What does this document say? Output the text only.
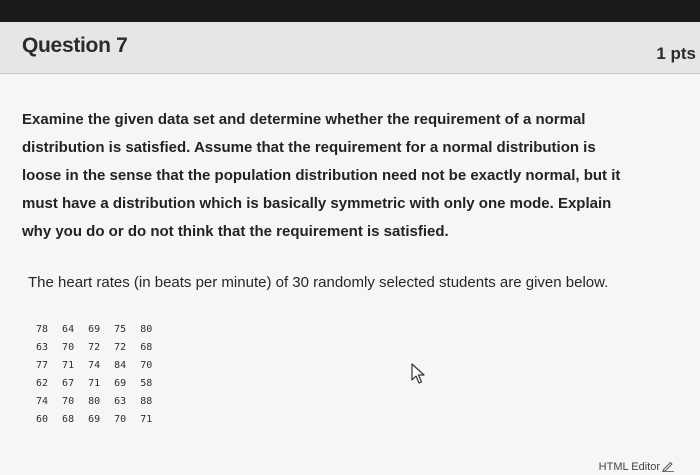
Question 7	1 pts
Examine the given data set and determine whether the requirement of a normal
distribution is satisfied. Assume that the requirement for a normal distribution is
loose in the sense that the population distribution need not be exactly normal, but it
must have a distribution which is basically symmetric with only one mode. Explain
why you do or do not think that the requirement is satisfied.
The heart rates (in beats per minute) of 30 randomly selected students are given below.
78	64	69	75	80
63	70	72	72	68
77	71	74	84	70
62	67	71	69	58
74	70	80	63	88
60	68	69	70	71
HTML Editor
